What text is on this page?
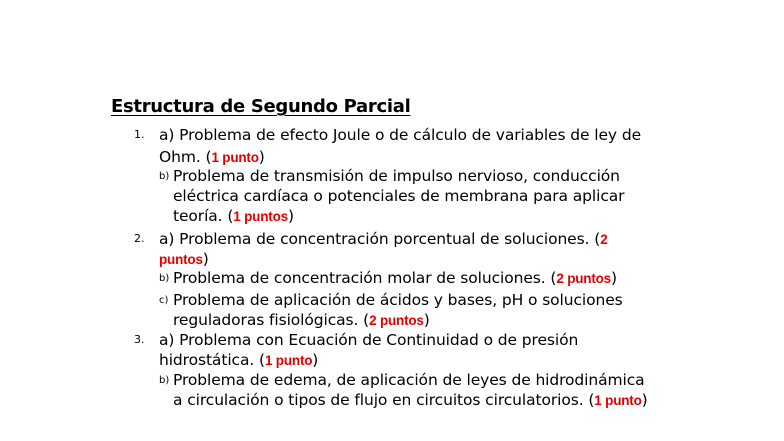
Estructura de Segundo Parcial
1. a) Problema de efecto Joule o de cálculo de variables de ley de
Ohm. (1 punto)
b) Problema de transmisión de impulso nervioso, conducción
eléctrica cardíaca o potenciales de membrana para aplicar
teoría. (1 puntos)
2. a) Problema de concentración porcentual de soluciones. (2
puntos)
b) Problema de concentración molar de soluciones. (2 puntos)
c) Problema de aplicación de ácidos y bases, pH o soluciones
reguladoras fisiológicas. (2 puntos)
3. a) Problema con Ecuación de Continuidad o de presión
hidrostática. (1 punto)
b) Problema de edema, de aplicación de leyes de hidrodinámica
a circulación o tipos de flujo en circuitos circulatorios. (1 punto)
